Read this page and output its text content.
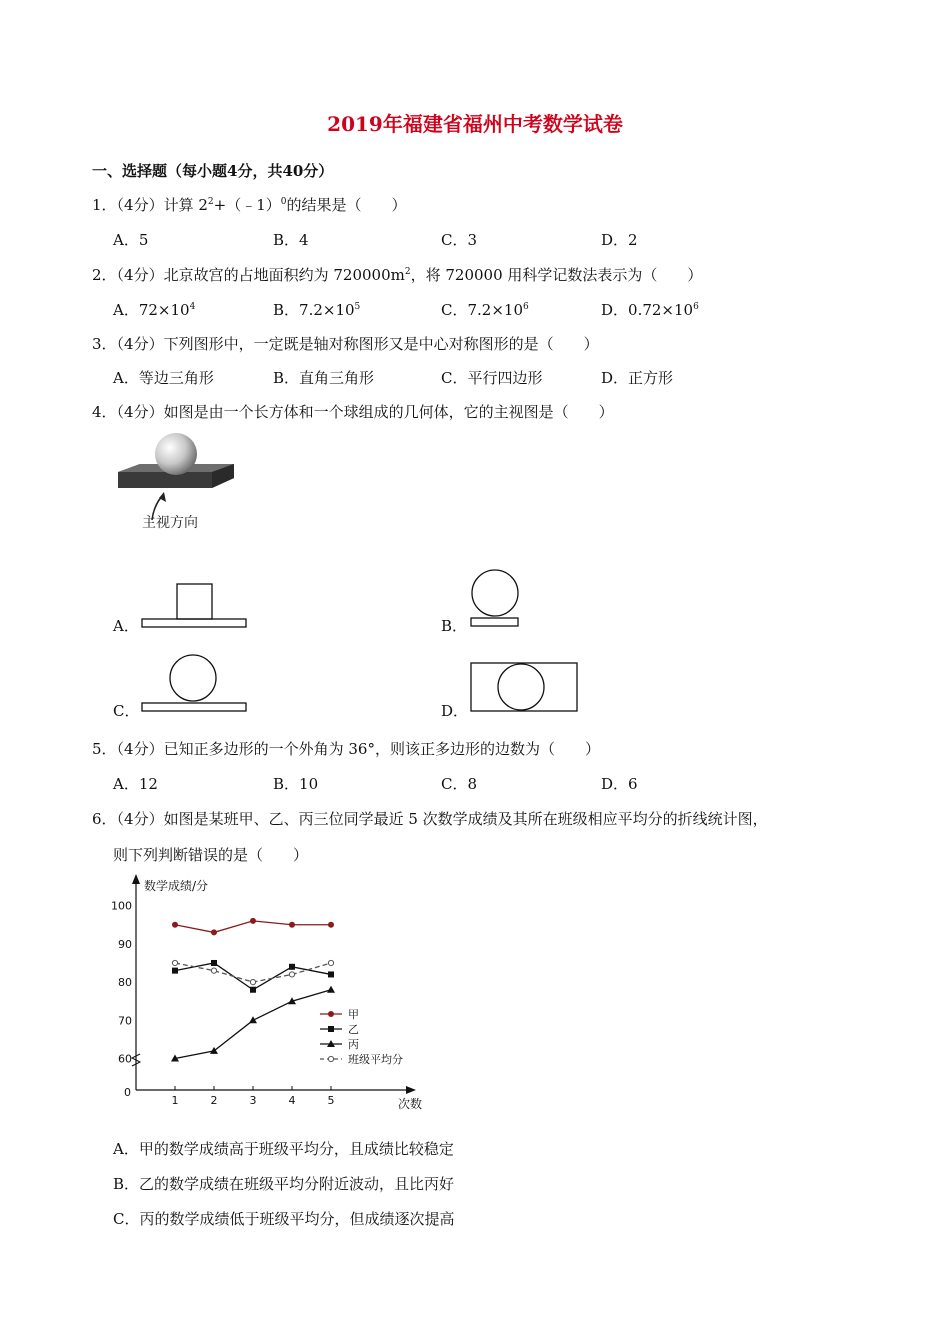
2019年福建省福州中考数学试卷
一、选择题（每小题4分，共40分）
1．（4分）计算 $2^2+(﹣1)^0$的结果是（　　）
A．5	B．4	C．3	D．2
2．（4分）北京故宫的占地面积约为 $720000m^2$，将 720000 用科学记数法表示为（　　）
A．$72\times 10^4$	B．$7.2\times 10^5$	C．$7.2\times 10^6$	D．$0.72\times 10^6$
3．（4分）下列图形中，一定既是轴对称图形又是中心对称图形的是（　　）
A．等边三角形	B．直角三角形	C．平行四边形	D．正方形
4．（4分）如图是由一个长方体和一个球组成的几何体，它的主视图是（　　）
主视方向
A．	B．
C．	D．
5．（4分）已知正多边形的一个外角为 36°，则该正多边形的边数为（　　）
A．12	B．10	C．8	D．6
6．（4分）如图是某班甲、乙、丙三位同学最近 5 次数学成绩及其所在班级相应平均分的折线统计图，
则下列判断错误的是（　　）
数学成绩/分
次数
0
60
70
80
90
100
1	2	3	4	5
甲
乙
丙
班级平均分
A．甲的数学成绩高于班级平均分，且成绩比较稳定
B．乙的数学成绩在班级平均分附近波动，且比丙好
C．丙的数学成绩低于班级平均分，但成绩逐次提高
